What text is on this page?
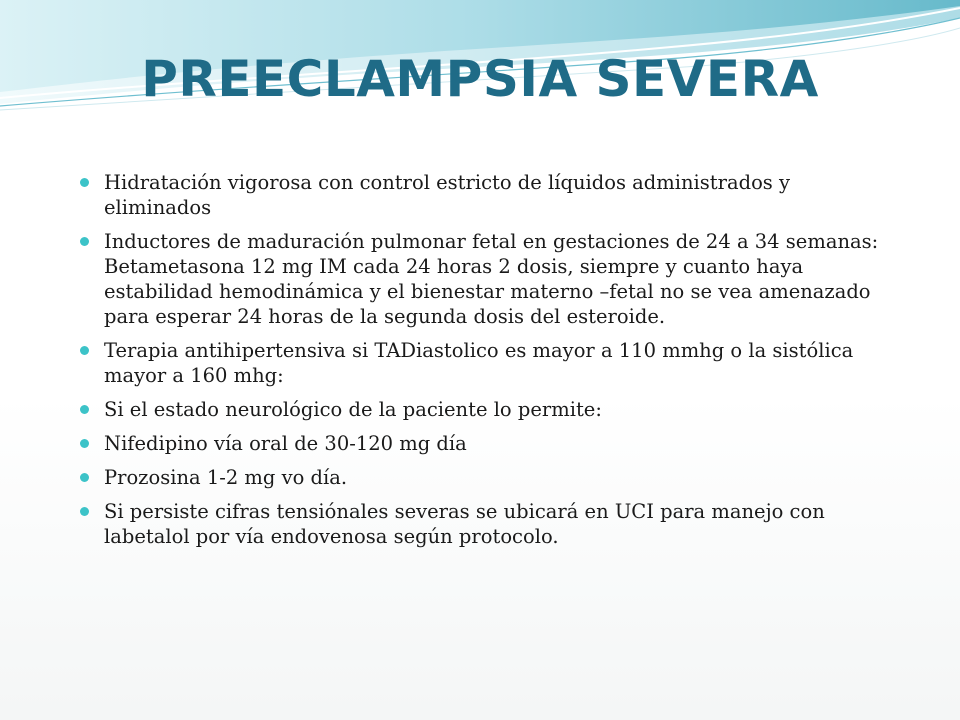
PREECLAMPSIA SEVERA
Hidratación vigorosa con control estricto de líquidos administrados y eliminados
Inductores de maduración pulmonar fetal en gestaciones de 24 a 34 semanas: Betametasona 12 mg IM cada 24 horas 2 dosis, siempre y cuanto haya estabilidad hemodinámica y el bienestar materno –fetal no se vea amenazado para esperar 24 horas de la segunda dosis del esteroide.
Terapia antihipertensiva si TADiastolico es mayor a 110 mmhg o la sistólica mayor a 160 mhg:
Si el estado neurológico de la paciente lo permite:
Nifedipino vía oral de 30-120 mg día
Prozosina 1-2 mg vo día.
Si persiste cifras tensiónales severas se ubicará en UCI para manejo con labetalol por vía endovenosa según protocolo.
